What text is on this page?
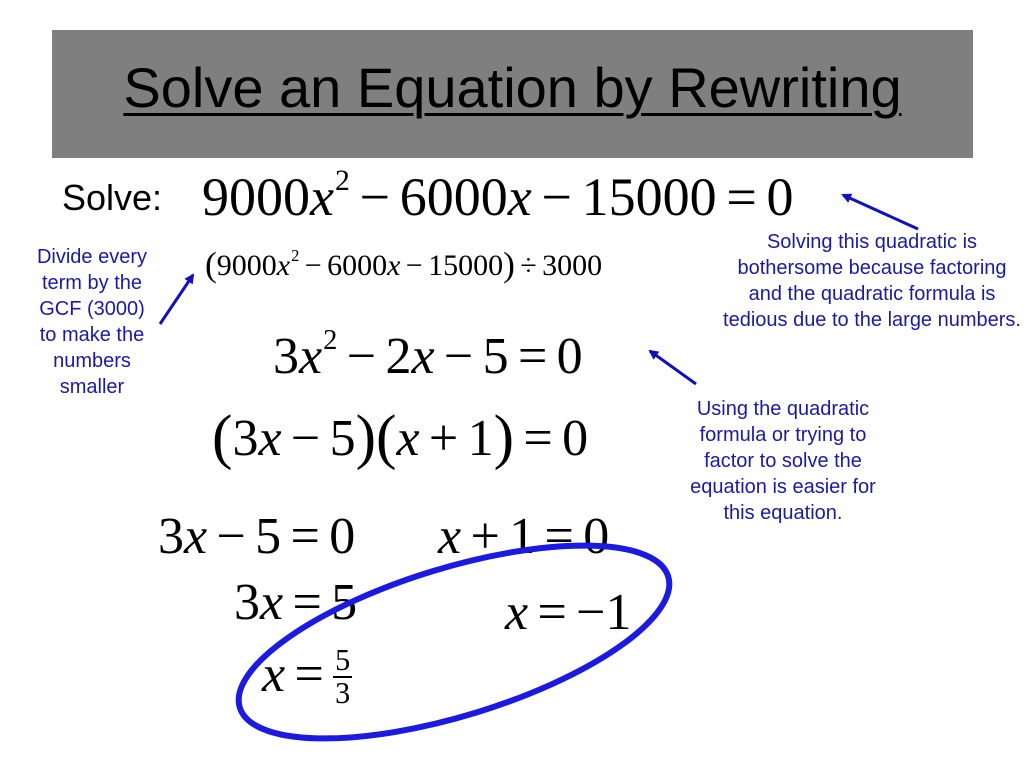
Solve an Equation by Rewriting
Solve: $9000x^2 - 6000x - 15000 = 0$
$(9000x^2 - 6000x - 15000) \div 3000$
$3x^2 - 2x - 5 = 0$
(3x − 5)(x + 1) = 0
3x − 5 = 0 x + 1 = 0
3x = 5	x = −1
$x = \frac{5}{3}$
Divide every term by the GCF (3000) to make the numbers smaller
Solving this quadratic is bothersome because factoring and the quadratic formula is tedious due to the large numbers.
Using the quadratic formula or trying to factor to solve the equation is easier for this equation.
